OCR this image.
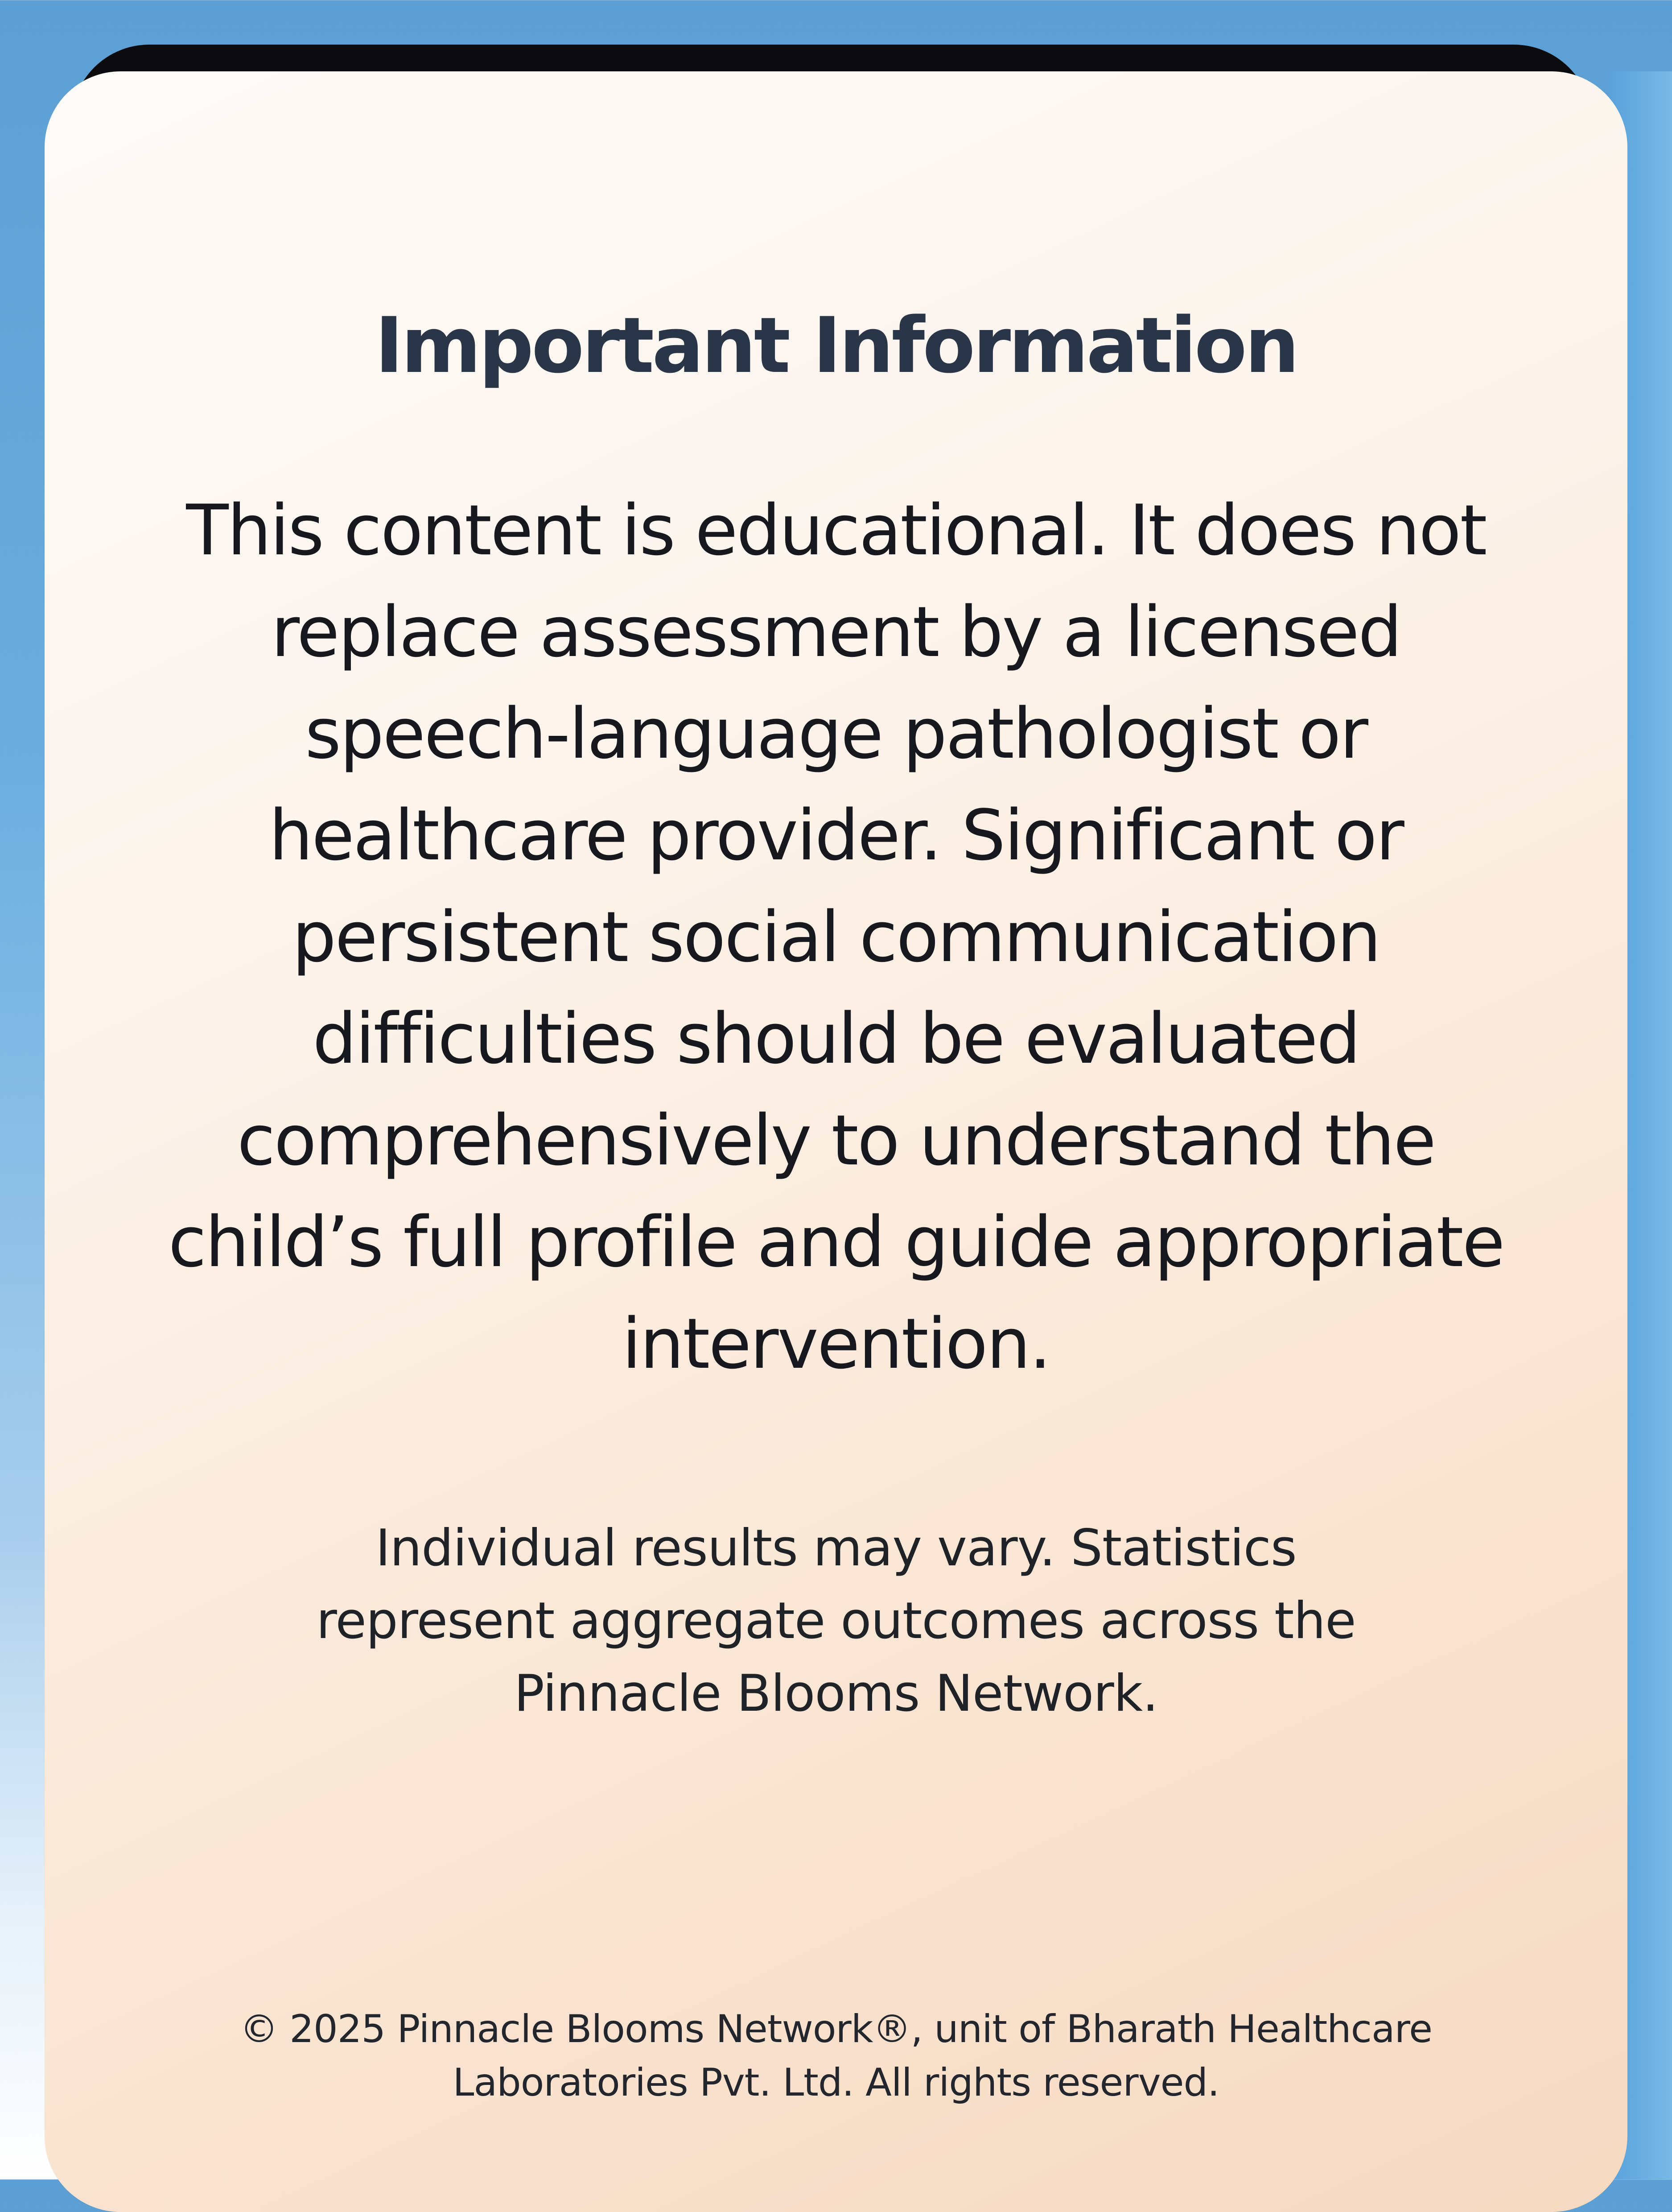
Important Information

This content is educational. It does not replace assessment by a licensed speech-language pathologist or healthcare provider. Significant or persistent social communication difficulties should be evaluated comprehensively to understand the child’s full profile and guide appropriate intervention.

Individual results may vary. Statistics represent aggregate outcomes across the Pinnacle Blooms Network.

© 2025 Pinnacle Blooms Network®, unit of Bharath Healthcare Laboratories Pvt. Ltd. All rights reserved.
